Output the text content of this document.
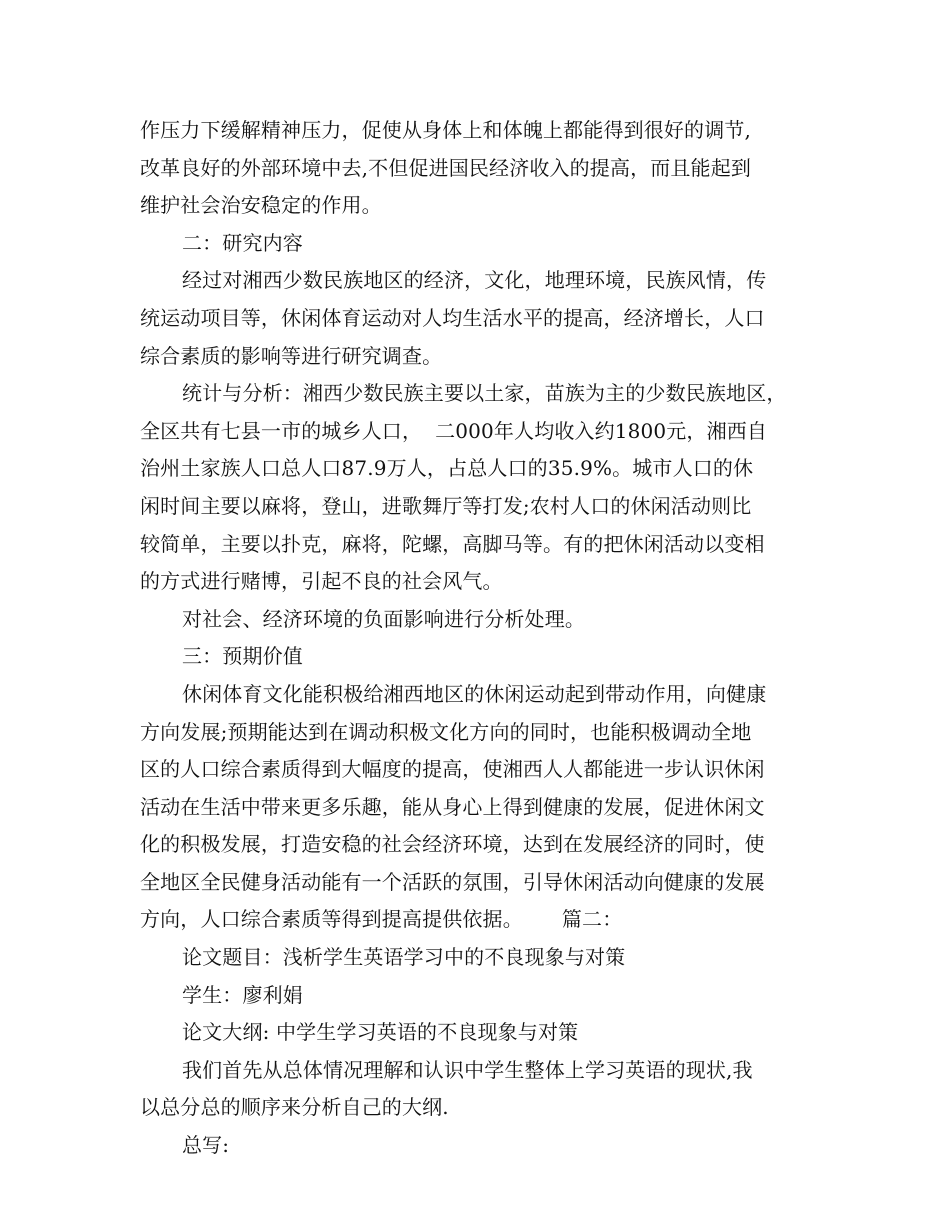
作压力下缓解精神压力，促使从身体上和体魄上都能得到很好的调节,
改革良好的外部环境中去,不但促进国民经济收入的提高，而且能起到
维护社会治安稳定的作用。
二：研究内容
经过对湘西少数民族地区的经济，文化，地理环境，民族风情，传
统运动项目等，休闲体育运动对人均生活水平的提高，经济增长，人口
综合素质的影响等进行研究调查。
统计与分析：湘西少数民族主要以土家，苗族为主的少数民族地区，
全区共有七县一市的城乡人口，  二000年人均收入约1800元，湘西自
治州土家族人口总人口87.9万人，占总人口的35.9%。城市人口的休
闲时间主要以麻将，登山，进歌舞厅等打发;农村人口的休闲活动则比
较简单，主要以扑克，麻将，陀螺，高脚马等。有的把休闲活动以变相
的方式进行赌博，引起不良的社会风气。
对社会、经济环境的负面影响进行分析处理。
三：预期价值
休闲体育文化能积极给湘西地区的休闲运动起到带动作用，向健康
方向发展;预期能达到在调动积极文化方向的同时，也能积极调动全地
区的人口综合素质得到大幅度的提高，使湘西人人都能进一步认识休闲
活动在生活中带来更多乐趣，能从身心上得到健康的发展，促进休闲文
化的积极发展，打造安稳的社会经济环境，达到在发展经济的同时，使
全地区全民健身活动能有一个活跃的氛围，引导休闲活动向健康的发展
方向，人口综合素质等得到提高提供依据。      篇二：
论文题目：浅析学生英语学习中的不良现象与对策
学生：廖利娟
论文大纲: 中学生学习英语的不良现象与对策
我们首先从总体情况理解和认识中学生整体上学习英语的现状,我
以总分总的顺序来分析自己的大纲.
总写:
